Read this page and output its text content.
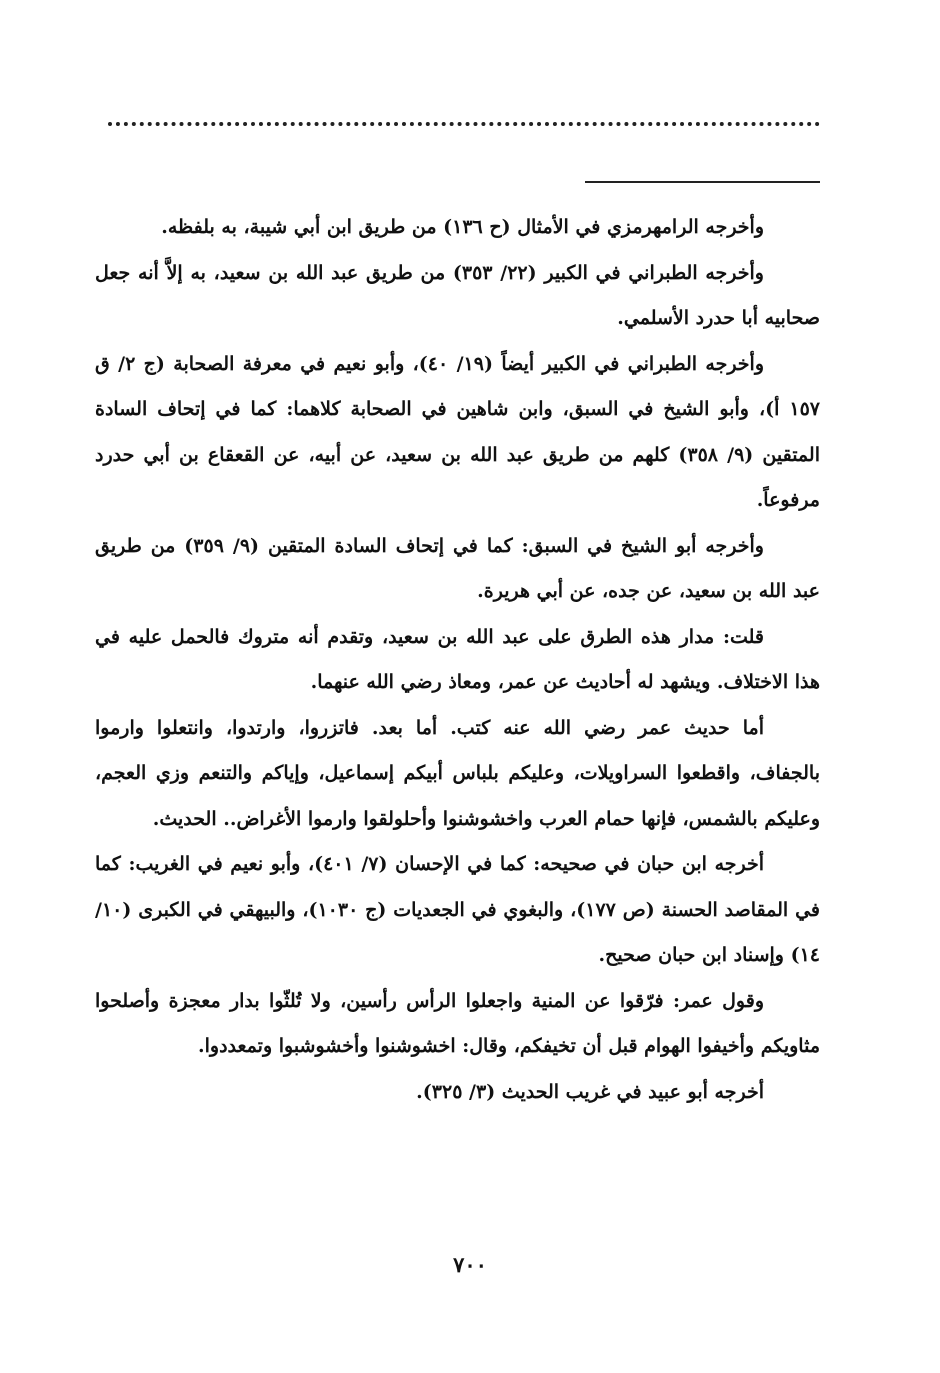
وأخرجه الرامهرمزي في الأمثال (ح ١٣٦) من طريق ابن أبي شيبة، به بلفظه.

وأخرجه الطبراني في الكبير (٢٢/ ٣٥٣) من طريق عبد الله بن سعيد، به إلاَّ أنه جعل صحابيه أبا حدرد الأسلمي.

وأخرجه الطبراني في الكبير أيضاً (١٩/ ٤٠)، وأبو نعيم في معرفة الصحابة (ج ٢/ ق ١٥٧ أ)، وأبو الشيخ في السبق، وابن شاهين في الصحابة كلاهما: كما في إتحاف السادة المتقين (٩/ ٣٥٨) كلهم من طريق عبد الله بن سعيد، عن أبيه، عن القعقاع بن أبي حدرد مرفوعاً.

وأخرجه أبو الشيخ في السبق: كما في إتحاف السادة المتقين (٩/ ٣٥٩) من طريق عبد الله بن سعيد، عن جده، عن أبي هريرة.

قلت: مدار هذه الطرق على عبد الله بن سعيد، وتقدم أنه متروك فالحمل عليه في هذا الاختلاف. ويشهد له أحاديث عن عمر، ومعاذ رضي الله عنهما.

أما حديث عمر رضي الله عنه كتب. أما بعد. فاتزروا، وارتدوا، وانتعلوا وارموا بالجفاف، واقطعوا السراويلات، وعليكم بلباس أبيكم إسماعيل، وإياكم والتنعم وزي العجم، وعليكم بالشمس، فإنها حمام العرب واخشوشنوا وأحلولقوا وارموا الأغراض.. الحديث.

أخرجه ابن حبان في صحيحه: كما في الإحسان (٧/ ٤٠١)، وأبو نعيم في الغريب: كما في المقاصد الحسنة (ص ١٧٧)، والبغوي في الجعديات (ج ١٠٣٠)، والبيهقي في الكبرى (١٠/ ١٤) وإسناد ابن حبان صحيح.

وقول عمر: فرّقوا عن المنية واجعلوا الرأس رأسين، ولا تُلثّوا بدار معجزة وأصلحوا مثاويكم وأخيفوا الهوام قبل أن تخيفكم، وقال: اخشوشنوا وأخشوشبوا وتمعددوا.

أخرجه أبو عبيد في غريب الحديث (٣/ ٣٢٥).

٧٠٠
